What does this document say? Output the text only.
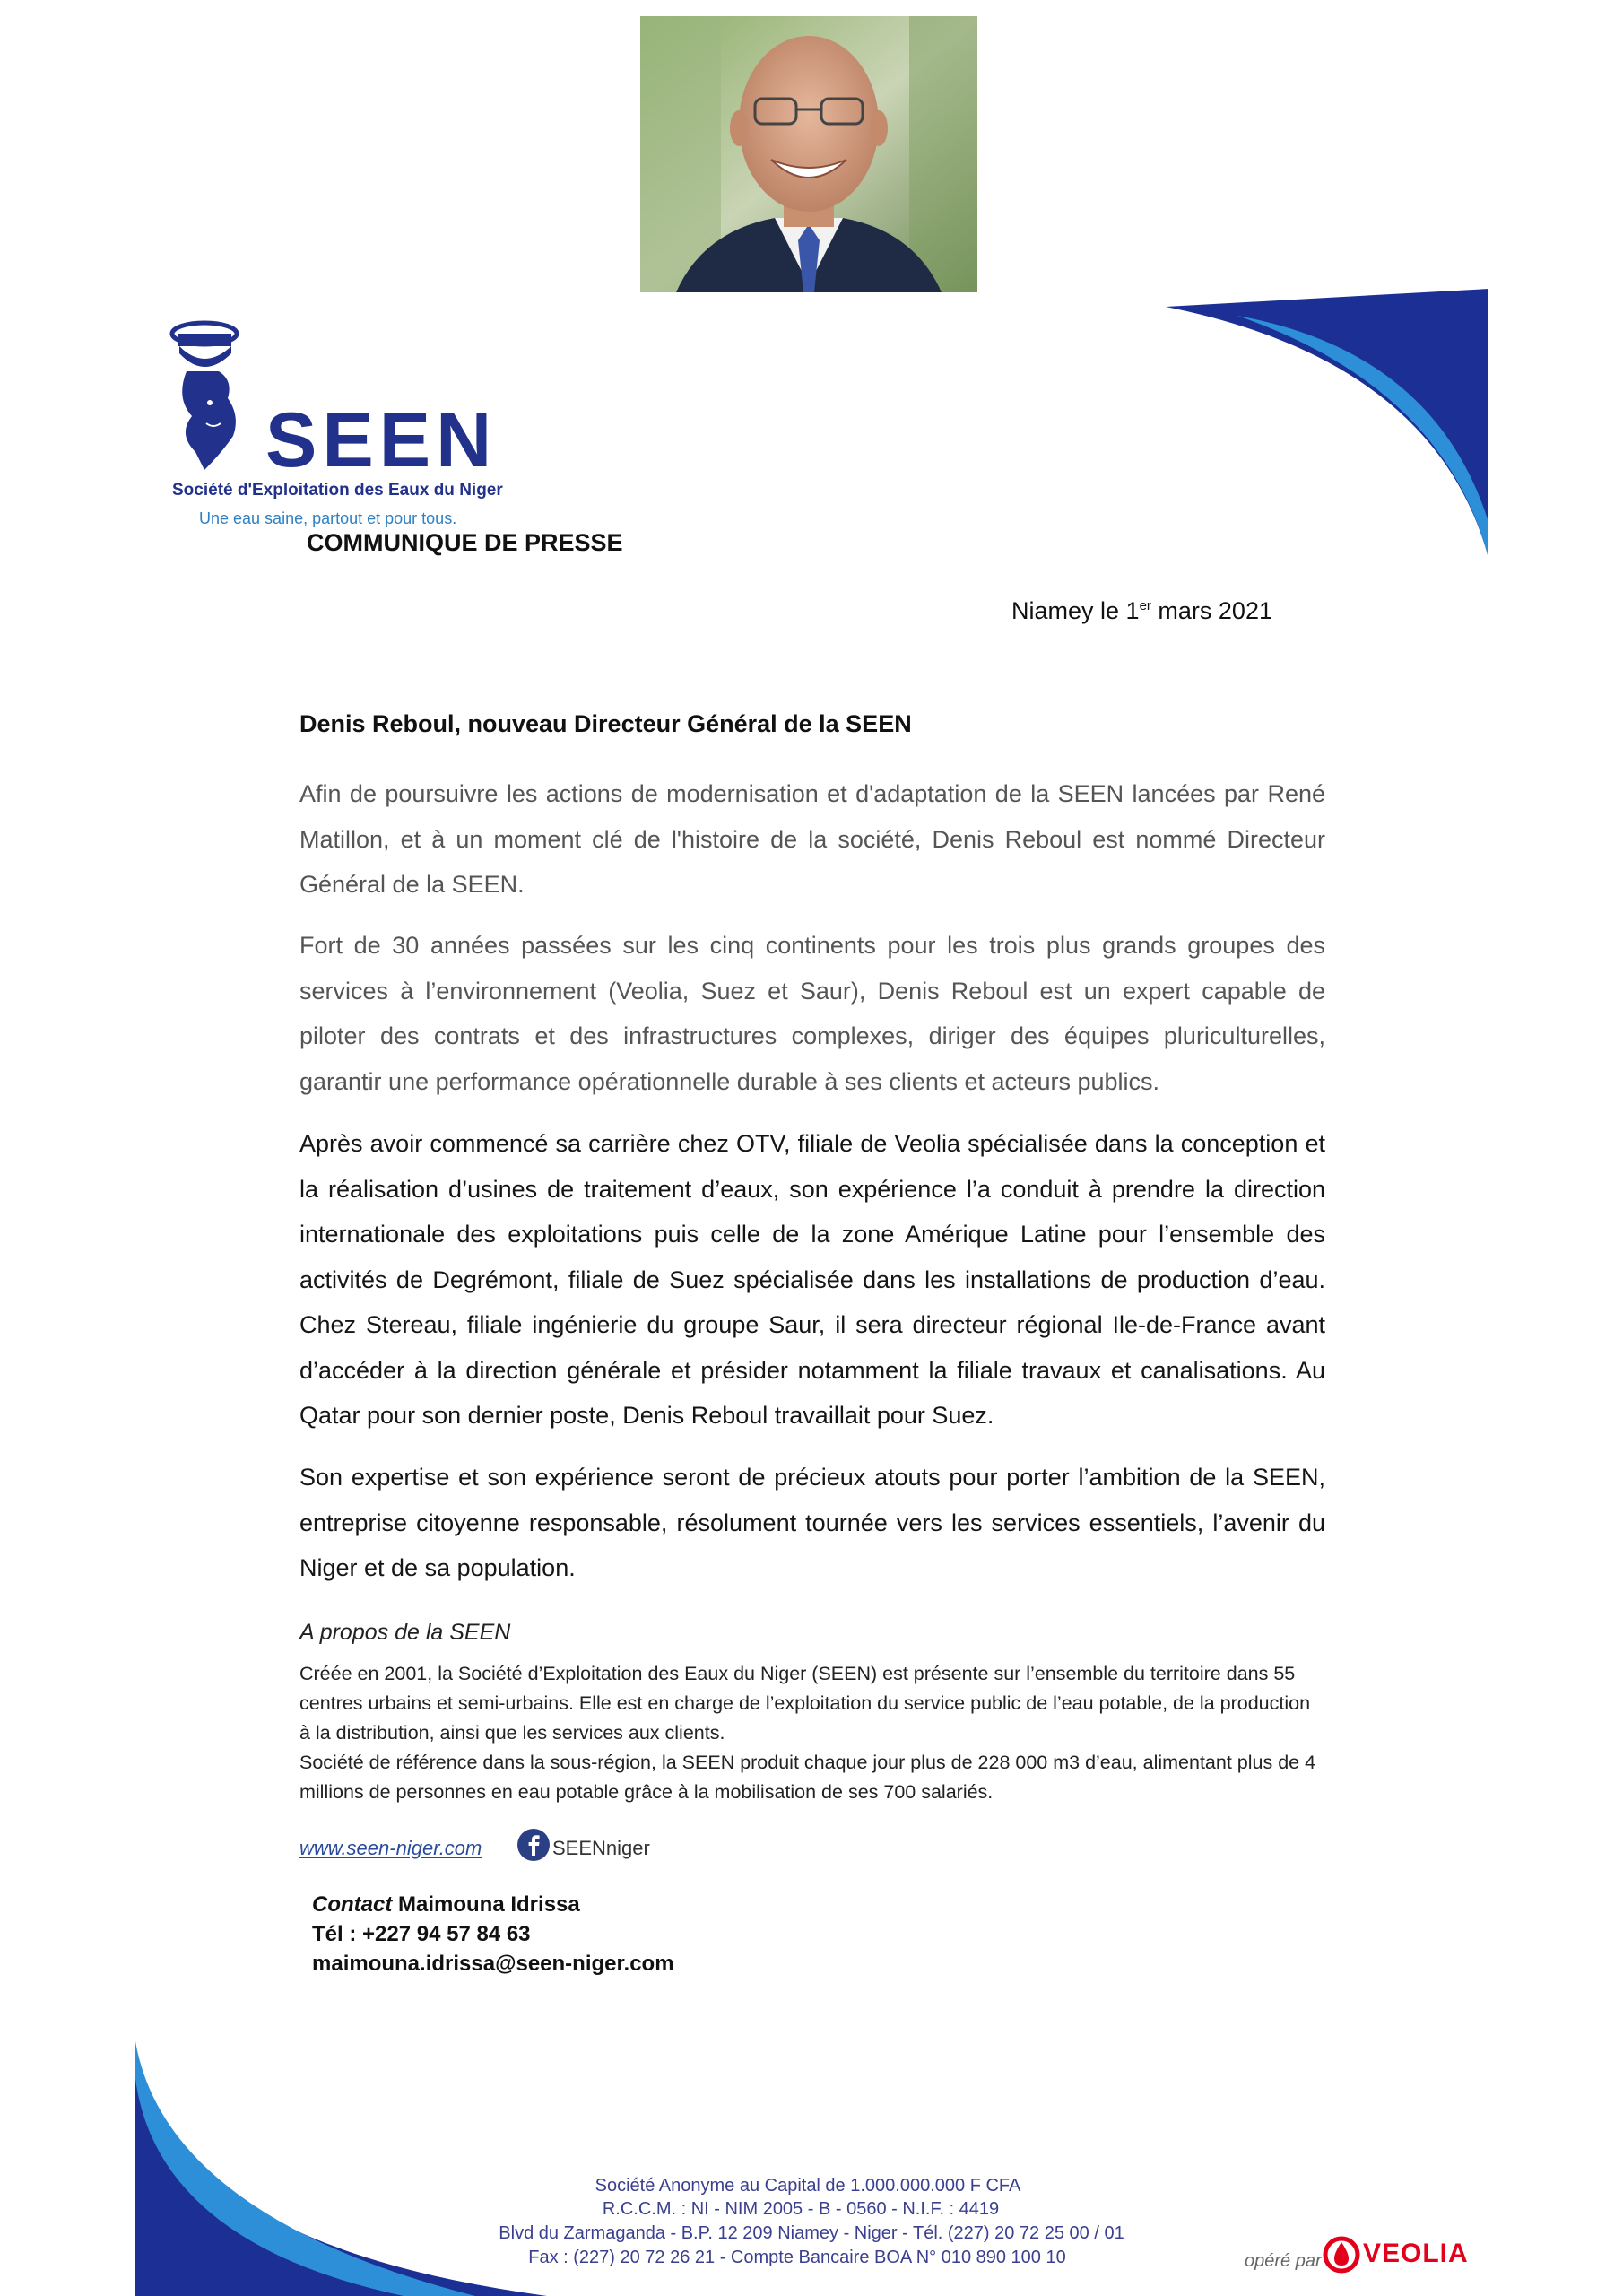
SEEN
Société d'Exploitation des Eaux du Niger
Une eau saine, partout et pour tous.
COMMUNIQUE DE PRESSE
Niamey le 1er mars 2021
Denis Reboul, nouveau Directeur Général de la SEEN

Afin de poursuivre les actions de modernisation et d'adaptation de la SEEN lancées par René Matillon, et à un moment clé de l'histoire de la société, Denis Reboul est nommé Directeur Général de la SEEN.

Fort de 30 années passées sur les cinq continents pour les trois plus grands groupes des services à l’environnement (Veolia, Suez et Saur), Denis Reboul est un expert capable de piloter des contrats et des infrastructures complexes, diriger des équipes pluriculturelles, garantir une performance opérationnelle durable à ses clients et acteurs publics.

Après avoir commencé sa carrière chez OTV, filiale de Veolia spécialisée dans la conception et la réalisation d’usines de traitement d’eaux, son expérience l’a conduit à prendre la direction internationale des exploitations puis celle de la zone Amérique Latine pour l’ensemble des activités de Degrémont, filiale de Suez spécialisée dans les installations de production d’eau. Chez Stereau, filiale ingénierie du groupe Saur, il sera directeur régional Ile-de-France avant d’accéder à la direction générale et présider notamment la filiale travaux et canalisations. Au Qatar pour son dernier poste, Denis Reboul travaillait pour Suez.

Son expertise et son expérience seront de précieux atouts pour porter l’ambition de la SEEN, entreprise citoyenne responsable, résolument tournée vers les services essentiels, l’avenir du Niger et de sa population.

A propos de la SEEN
Créée en 2001, la Société d’Exploitation des Eaux du Niger (SEEN) est présente sur l’ensemble du territoire dans 55 centres urbains et semi-urbains. Elle est en charge de l’exploitation du service public de l’eau potable, de la production à la distribution, ainsi que les services aux clients.
Société de référence dans la sous-région, la SEEN produit chaque jour plus de 228 000 m3 d’eau, alimentant plus de 4 millions de personnes en eau potable grâce à la mobilisation de ses 700 salariés.
www.seen-niger.com	SEENniger
Contact Maimouna Idrissa
Tél : +227 94 57 84 63
maimouna.idrissa@seen-niger.com
Société Anonyme au Capital de 1.000.000.000 F CFA
R.C.C.M. : NI - NIM 2005 - B - 0560 - N.I.F. : 4419
Blvd du Zarmaganda - B.P. 12 209 Niamey - Niger - Tél. (227) 20 72 25 00 / 01
Fax : (227) 20 72 26 21 - Compte Bancaire BOA N° 010 890 100 10	opéré par VEOLIA
